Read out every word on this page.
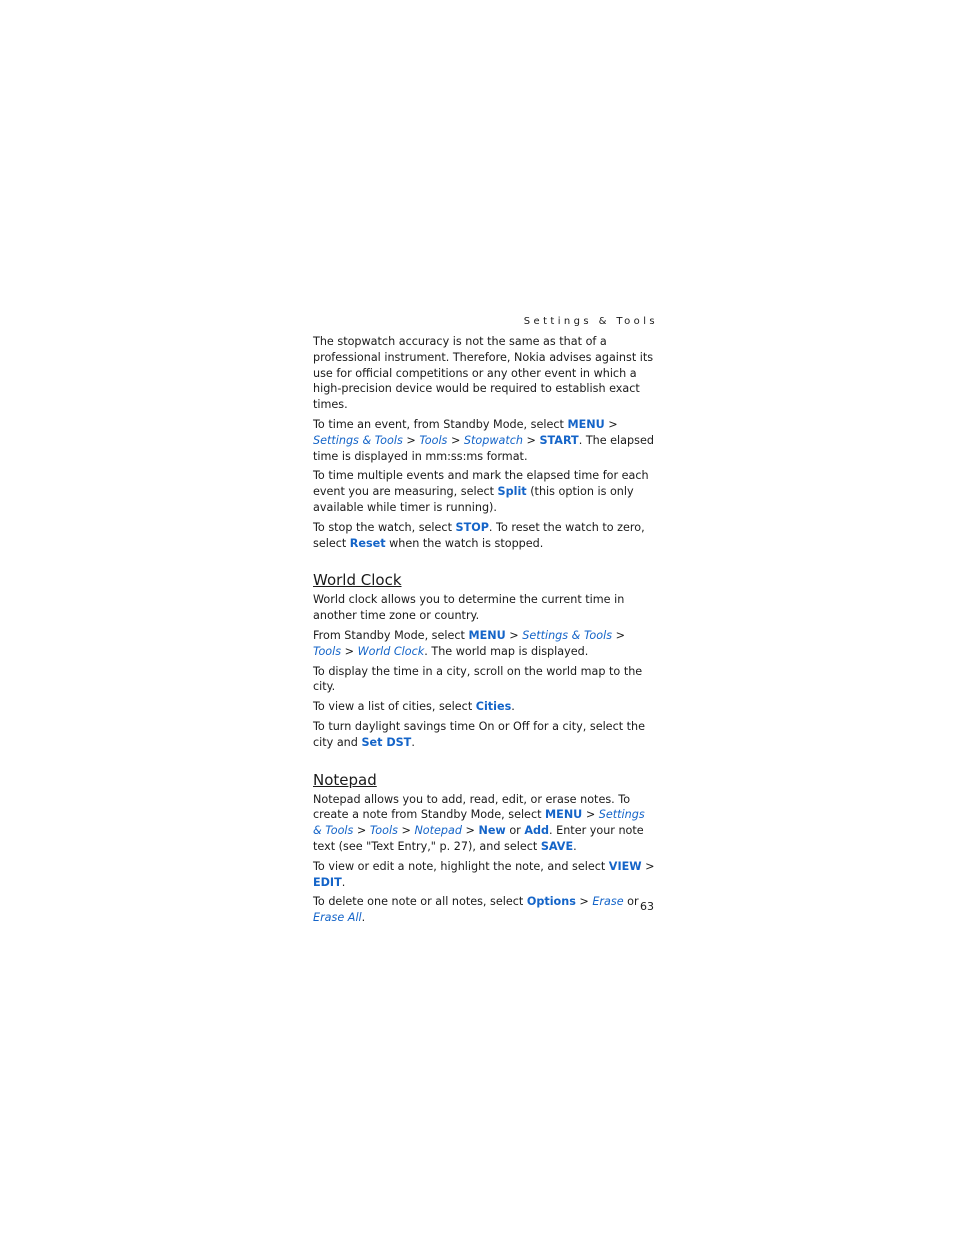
Settings & Tools

The stopwatch accuracy is not the same as that of a professional instrument. Therefore, Nokia advises against its use for official competitions or any other event in which a high-precision device would be required to establish exact times.

To time an event, from Standby Mode, select MENU > Settings & Tools > Tools > Stopwatch > START. The elapsed time is displayed in mm:ss:ms format.

To time multiple events and mark the elapsed time for each event you are measuring, select Split (this option is only available while timer is running).

To stop the watch, select STOP. To reset the watch to zero, select Reset when the watch is stopped.

World Clock

World clock allows you to determine the current time in another time zone or country.

From Standby Mode, select MENU > Settings & Tools > Tools > World Clock. The world map is displayed.

To display the time in a city, scroll on the world map to the city.

To view a list of cities, select Cities.

To turn daylight savings time On or Off for a city, select the city and Set DST.

Notepad

Notepad allows you to add, read, edit, or erase notes. To create a note from Standby Mode, select MENU > Settings & Tools > Tools > Notepad > New or Add. Enter your note text (see "Text Entry," p. 27), and select SAVE.

To view or edit a note, highlight the note, and select VIEW > EDIT.

To delete one note or all notes, select Options > Erase or Erase All.

63
